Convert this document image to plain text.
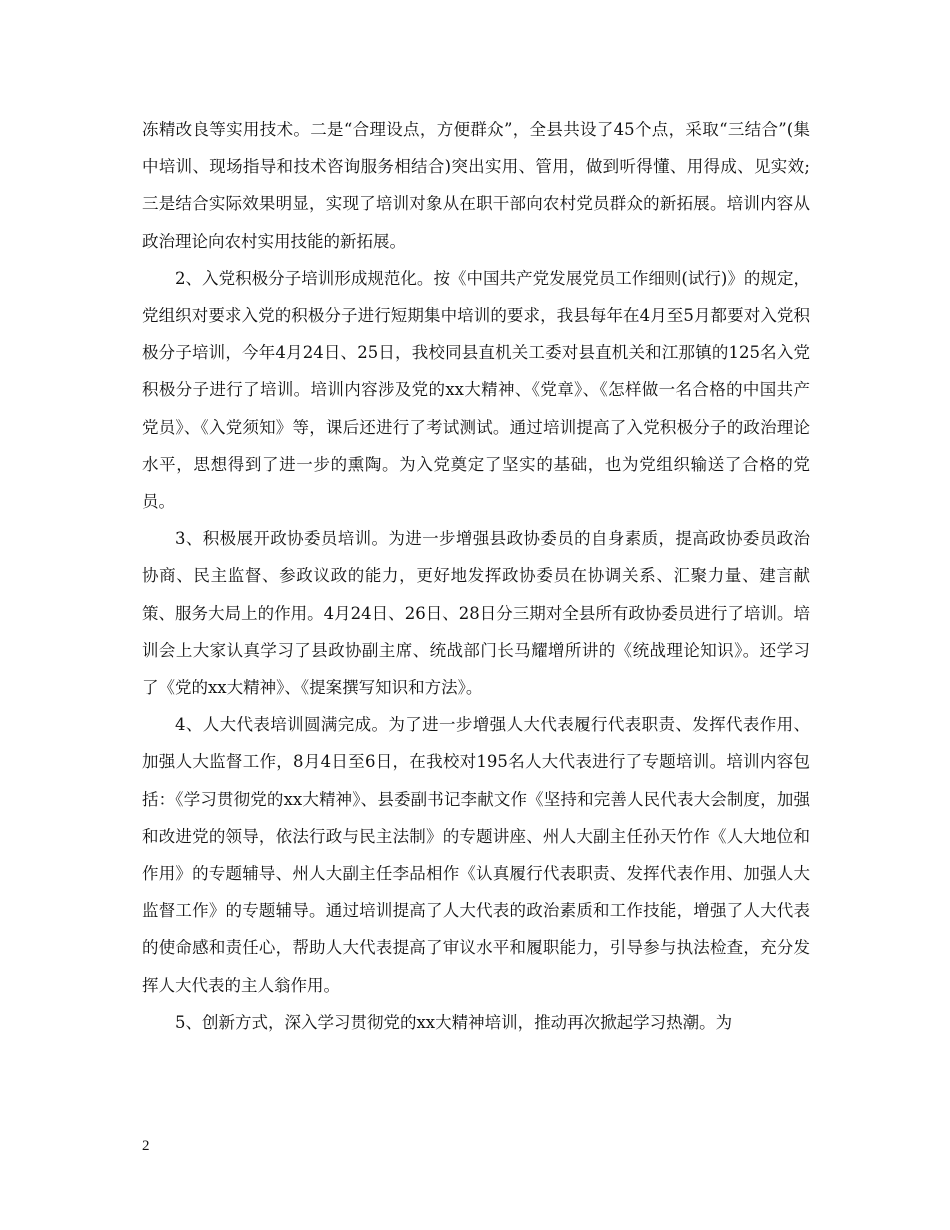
冻精改良等实用技术。二是“合理设点，方便群众”，全县共设了45个点，采取“三结合”(集中培训、现场指导和技术咨询服务相结合)突出实用、管用，做到听得懂、用得成、见实效;三是结合实际效果明显，实现了培训对象从在职干部向农村党员群众的新拓展。培训内容从政治理论向农村实用技能的新拓展。

2、入党积极分子培训形成规范化。按《中国共产党发展党员工作细则(试行)》的规定，党组织对要求入党的积极分子进行短期集中培训的要求，我县每年在4月至5月都要对入党积极分子培训，今年4月24日、25日，我校同县直机关工委对县直机关和江那镇的125名入党积极分子进行了培训。培训内容涉及党的xx大精神、《党章》、《怎样做一名合格的中国共产党员》、《入党须知》等，课后还进行了考试测试。通过培训提高了入党积极分子的政治理论水平，思想得到了进一步的熏陶。为入党奠定了坚实的基础，也为党组织输送了合格的党员。

3、积极展开政协委员培训。为进一步增强县政协委员的自身素质，提高政协委员政治协商、民主监督、参政议政的能力，更好地发挥政协委员在协调关系、汇聚力量、建言献策、服务大局上的作用。4月24日、26日、28日分三期对全县所有政协委员进行了培训。培训会上大家认真学习了县政协副主席、统战部门长马耀增所讲的《统战理论知识》。还学习了《党的xx大精神》、《提案撰写知识和方法》。

4、人大代表培训圆满完成。为了进一步增强人大代表履行代表职责、发挥代表作用、加强人大监督工作，8月4日至6日，在我校对195名人大代表进行了专题培训。培训内容包括：《学习贯彻党的xx大精神》、县委副书记李献文作《坚持和完善人民代表大会制度，加强和改进党的领导，依法行政与民主法制》的专题讲座、州人大副主任孙天竹作《人大地位和作用》的专题辅导、州人大副主任李品相作《认真履行代表职责、发挥代表作用、加强人大监督工作》的专题辅导。通过培训提高了人大代表的政治素质和工作技能，增强了人大代表的使命感和责任心，帮助人大代表提高了审议水平和履职能力，引导参与执法检查，充分发挥人大代表的主人翁作用。

5、创新方式，深入学习贯彻党的xx大精神培训，推动再次掀起学习热潮。为

2
